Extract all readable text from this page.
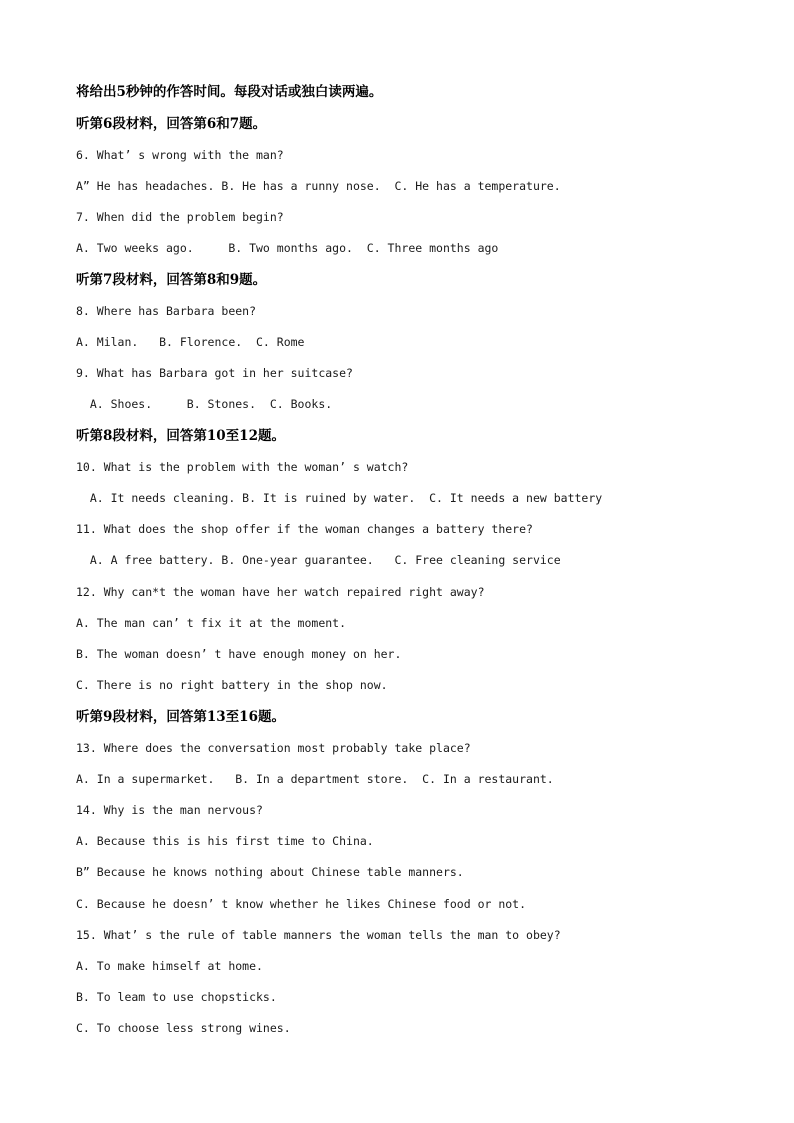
将给出5秒钟的作答时间。每段对话或独白读两遍。
听第6段材料，回答第6和7题。
6. What’ s wrong with the man?
A” He has headaches. B. He has a runny nose.  C. He has a temperature.
7. When did the problem begin?
A. Two weeks ago.     B. Two months ago.  C. Three months ago
听第7段材料，回答第8和9题。
8. Where has Barbara been?
A. Milan.   B. Florence.  C. Rome
9. What has Barbara got in her suitcase?
A. Shoes.     B. Stones.  C. Books.
听第8段材料，回答第10至12题。
10. What is the problem with the woman’ s watch?
A. It needs cleaning. B. It is ruined by water.  C. It needs a new battery
11. What does the shop offer if the woman changes a battery there?
A. A free battery. B. One-year guarantee.   C. Free cleaning service
12. Why can*t the woman have her watch repaired right away?
A. The man can’ t fix it at the moment.
B. The woman doesn’ t have enough money on her.
C. There is no right battery in the shop now.
听第9段材料，回答第13至16题。
13. Where does the conversation most probably take place?
A. In a supermarket.   B. In a department store.  C. In a restaurant.
14. Why is the man nervous?
A. Because this is his first time to China.
B” Because he knows nothing about Chinese table manners.
C. Because he doesn’ t know whether he likes Chinese food or not.
15. What’ s the rule of table manners the woman tells the man to obey?
A. To make himself at home.
B. To leam to use chopsticks.
C. To choose less strong wines.
